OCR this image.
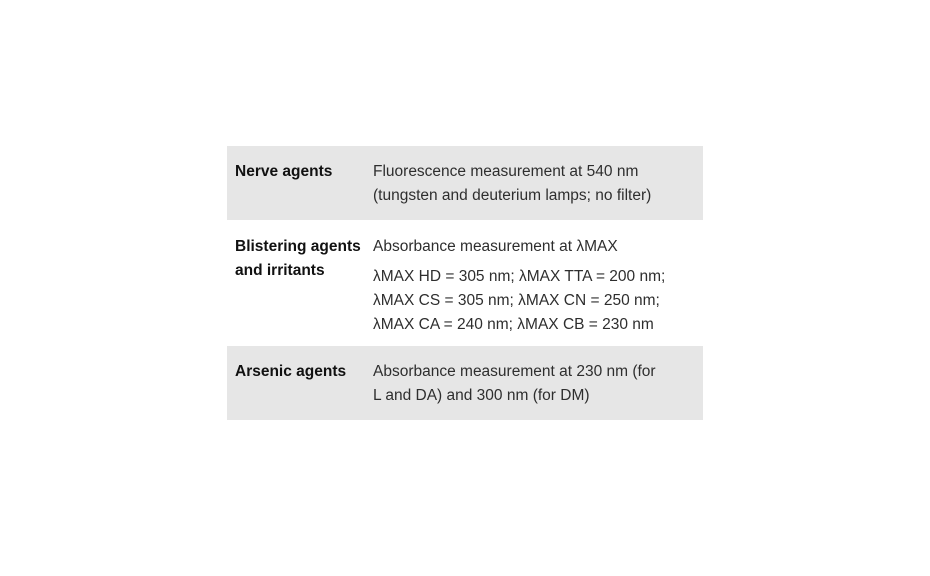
Nerve agents	Fluorescence measurement at 540 nm
(tungsten and deuterium lamps; no filter)

Blistering agents
and irritants	Absorbance measurement at λMAX
λMAX HD = 305 nm; λMAX TTA = 200 nm;
λMAX CS = 305 nm; λMAX CN = 250 nm;
λMAX CA = 240 nm; λMAX CB = 230 nm

Arsenic agents	Absorbance measurement at 230 nm (for
L and DA) and 300 nm (for DM)
